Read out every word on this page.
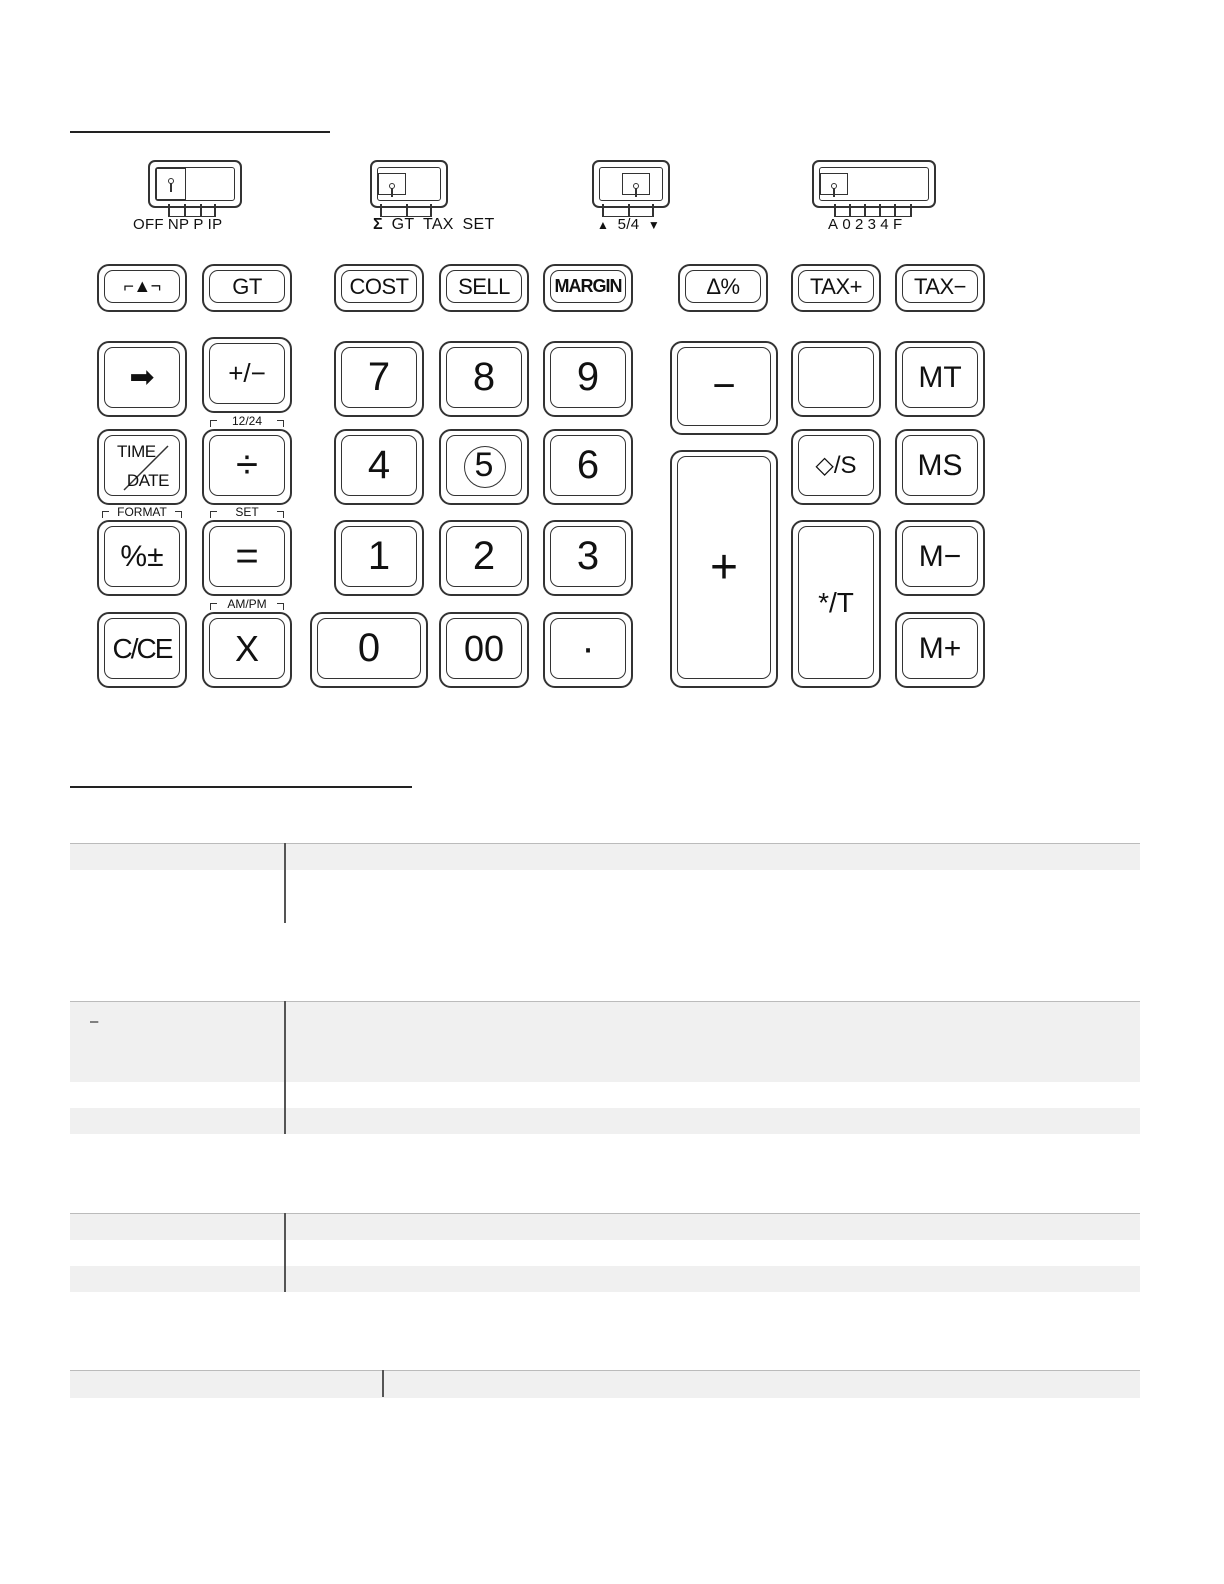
OFF NP P IP	Σ GT TAX SET	▲ 5/4 ▼	A 0 2 3 4 F
⌐▲¬	GT	COST SELL MARGIN	Δ%	TAX+ TAX−
➡	+/−	7 8 9	−	MT
TIME
DATE
12/24
÷	4 5 6
+
◇/S MS
FORMAT
%±
SET
=	1 2 3
*/T
M−
C/CE
AM/PM
X 0 00 ·	M+
–
